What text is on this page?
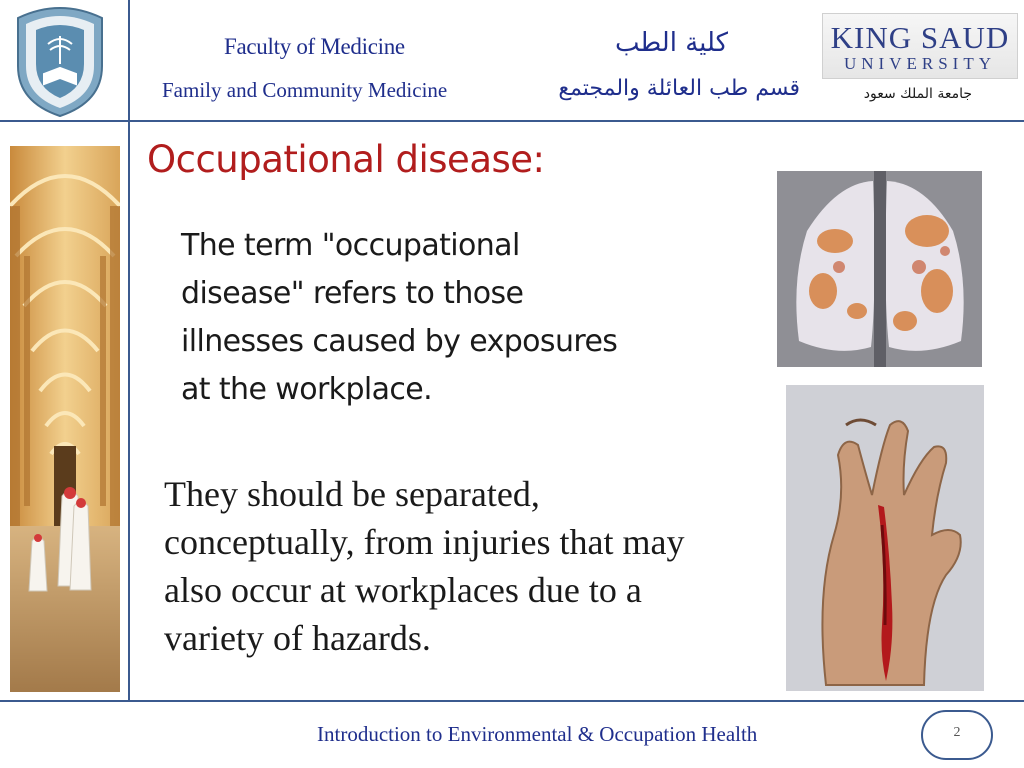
Faculty of Medicine
Family and Community Medicine
كلية الطب
قسم طب العائلة والمجتمع
KING SAUD
UNIVERSITY
جامعة الملك سعود
Occupational disease:
The term "occupational
disease" refers to those
illnesses caused by exposures
at the workplace.
They should be separated,
conceptually, from injuries that may
also occur at workplaces due to a
variety of hazards.
Introduction to Environmental & Occupation Health	2
